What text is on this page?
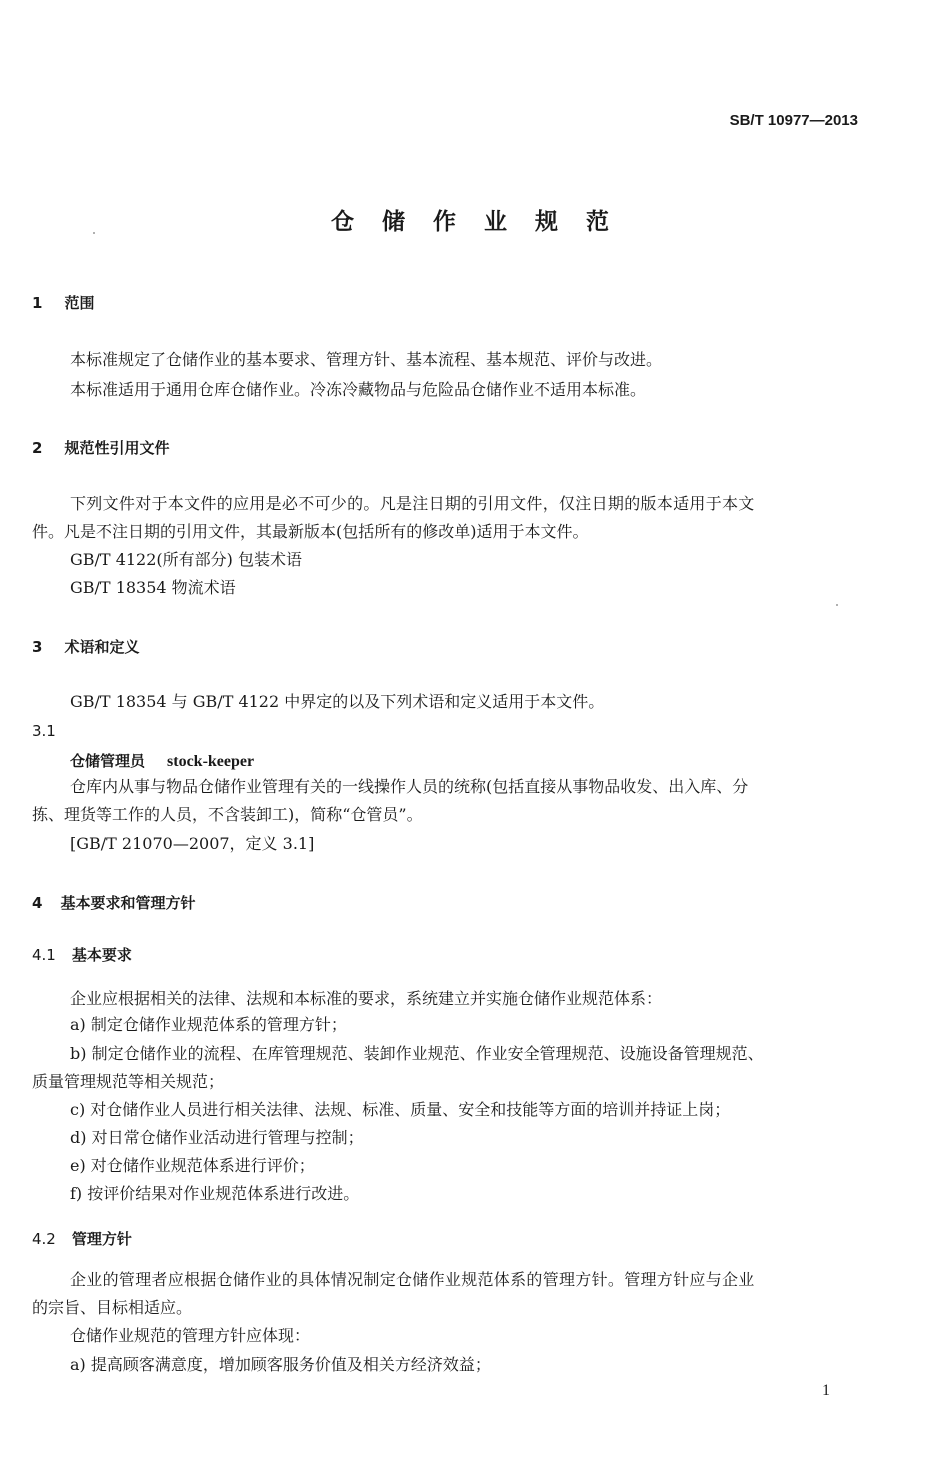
SB/T 10977—2013
仓 储 作 业 规 范
1 范围
本标准规定了仓储作业的基本要求、管理方针、基本流程、基本规范、评价与改进。
本标准适用于通用仓库仓储作业。冷冻冷藏物品与危险品仓储作业不适用本标准。
2 规范性引用文件
下列文件对于本文件的应用是必不可少的。凡是注日期的引用文件，仅注日期的版本适用于本文
件。凡是不注日期的引用文件，其最新版本(包括所有的修改单)适用于本文件。
GB/T 4122(所有部分) 包装术语
GB/T 18354 物流术语
3 术语和定义
GB/T 18354 与 GB/T 4122 中界定的以及下列术语和定义适用于本文件。
3.1
仓储管理员 stock-keeper
仓库内从事与物品仓储作业管理有关的一线操作人员的统称(包括直接从事物品收发、出入库、分
拣、理货等工作的人员，不含装卸工)，简称“仓管员”。
[GB/T 21070—2007，定义 3.1]
4 基本要求和管理方针
4.1 基本要求
企业应根据相关的法律、法规和本标准的要求，系统建立并实施仓储作业规范体系：
a) 制定仓储作业规范体系的管理方针；
b) 制定仓储作业的流程、在库管理规范、装卸作业规范、作业安全管理规范、设施设备管理规范、
质量管理规范等相关规范；
c) 对仓储作业人员进行相关法律、法规、标准、质量、安全和技能等方面的培训并持证上岗；
d) 对日常仓储作业活动进行管理与控制；
e) 对仓储作业规范体系进行评价；
f) 按评价结果对作业规范体系进行改进。
4.2 管理方针
企业的管理者应根据仓储作业的具体情况制定仓储作业规范体系的管理方针。管理方针应与企业
的宗旨、目标相适应。
仓储作业规范的管理方针应体现：
a) 提高顾客满意度，增加顾客服务价值及相关方经济效益；
1
